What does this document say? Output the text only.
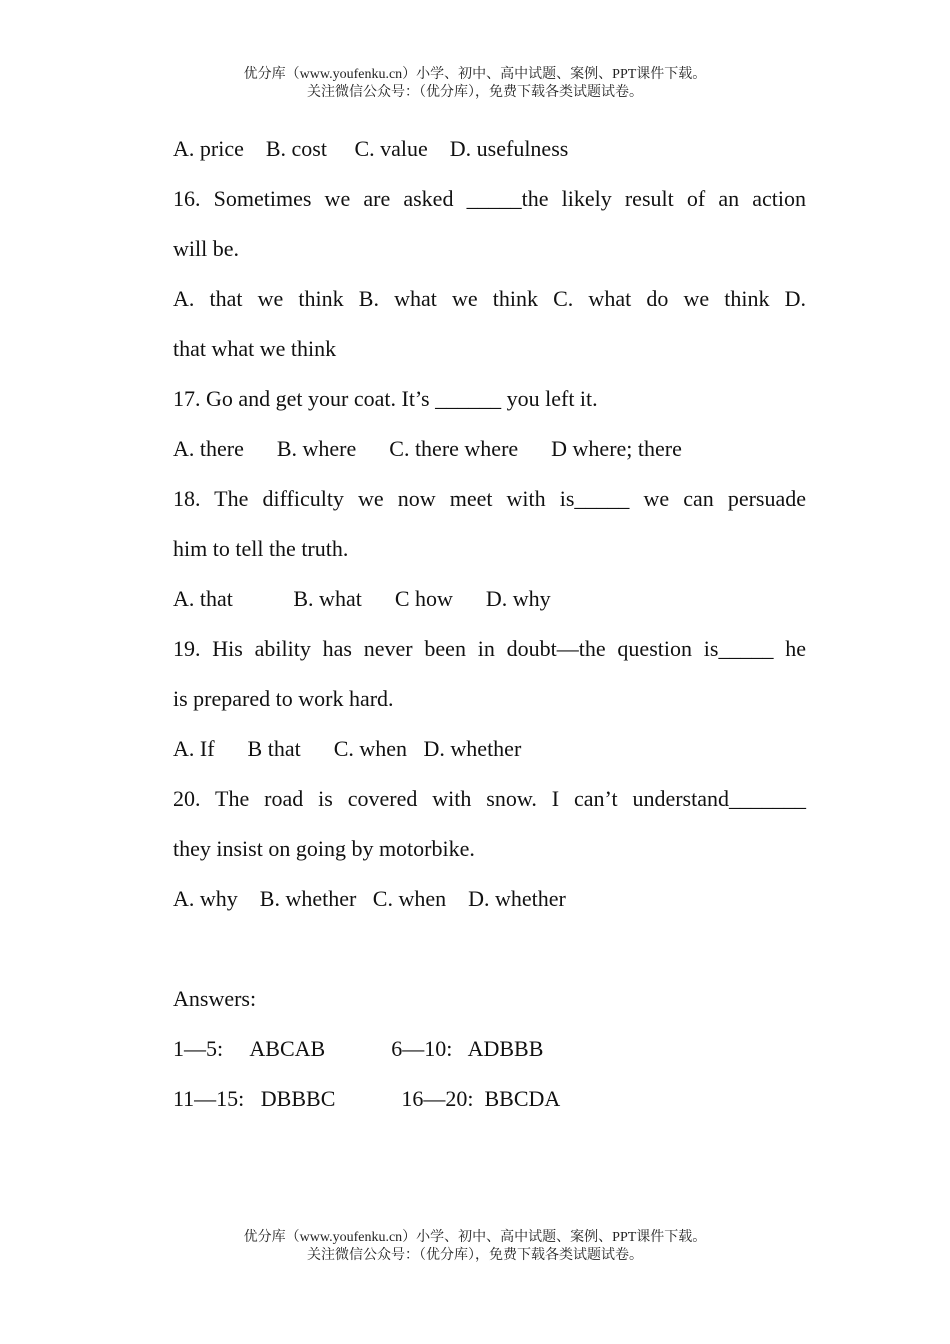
优分库（www.youfenku.cn）小学、初中、高中试题、案例、PPT课件下载。
关注微信公众号：（优分库），免费下载各类试题试卷。
A. price    B. cost     C. value    D. usefulness
16. Sometimes we are asked _____the likely result of an action
will be.
A. that we think B. what we think C. what do we think D.
that what we think
17. Go and get your coat. It’s ______ you left it.
A. there      B. where      C. there where      D where; there
18. The difficulty we now meet with is_____ we can persuade
him to tell the truth.
A. that           B. what      C how      D. why
19. His ability has never been in doubt—the question is_____ he
is prepared to work hard.
A. If      B that      C. when   D. whether
20. The road is covered with snow. I can’t understand_______
they insist on going by motorbike.
A. why    B. whether   C. when    D. whether
Answers:
1—5:     ABCAB            6—10:   ADBBB
11—15:   DBBBC            16—20:  BBCDA
优分库（www.youfenku.cn）小学、初中、高中试题、案例、PPT课件下载。
关注微信公众号：（优分库），免费下载各类试题试卷。
